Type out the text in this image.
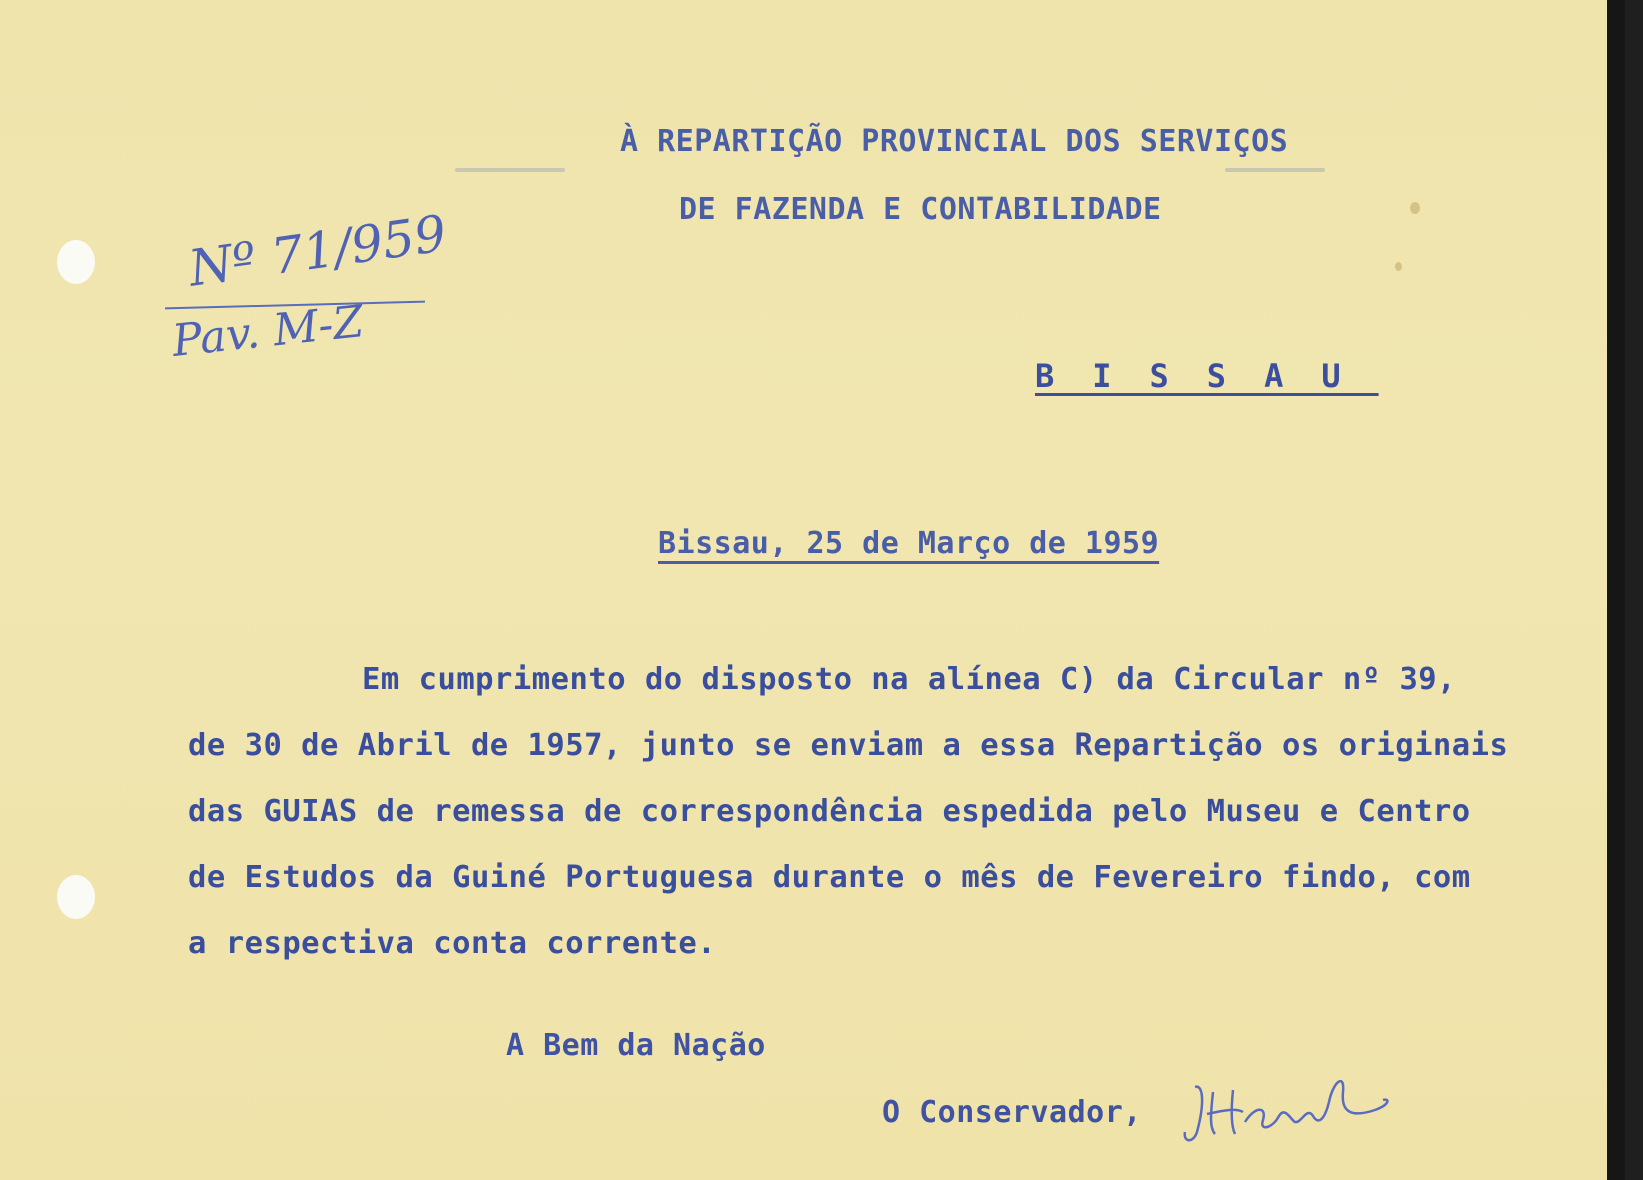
À REPARTIÇÃO PROVINCIAL DOS SERVIÇOS
DE FAZENDA E CONTABILIDADE
Nº 71/959
Pav. M-Z
BISSAU
Bissau, 25 de Março de 1959
Em cumprimento do disposto na alínea C) da Circular nº 39,
de 30 de Abril de 1957, junto se enviam a essa Repartição os originais
das GUIAS de remessa de correspondência espedida pelo Museu e Centro
de Estudos da Guiné Portuguesa durante o mês de Fevereiro findo, com
a respectiva conta corrente.
A Bem da Nação
O Conservador,
